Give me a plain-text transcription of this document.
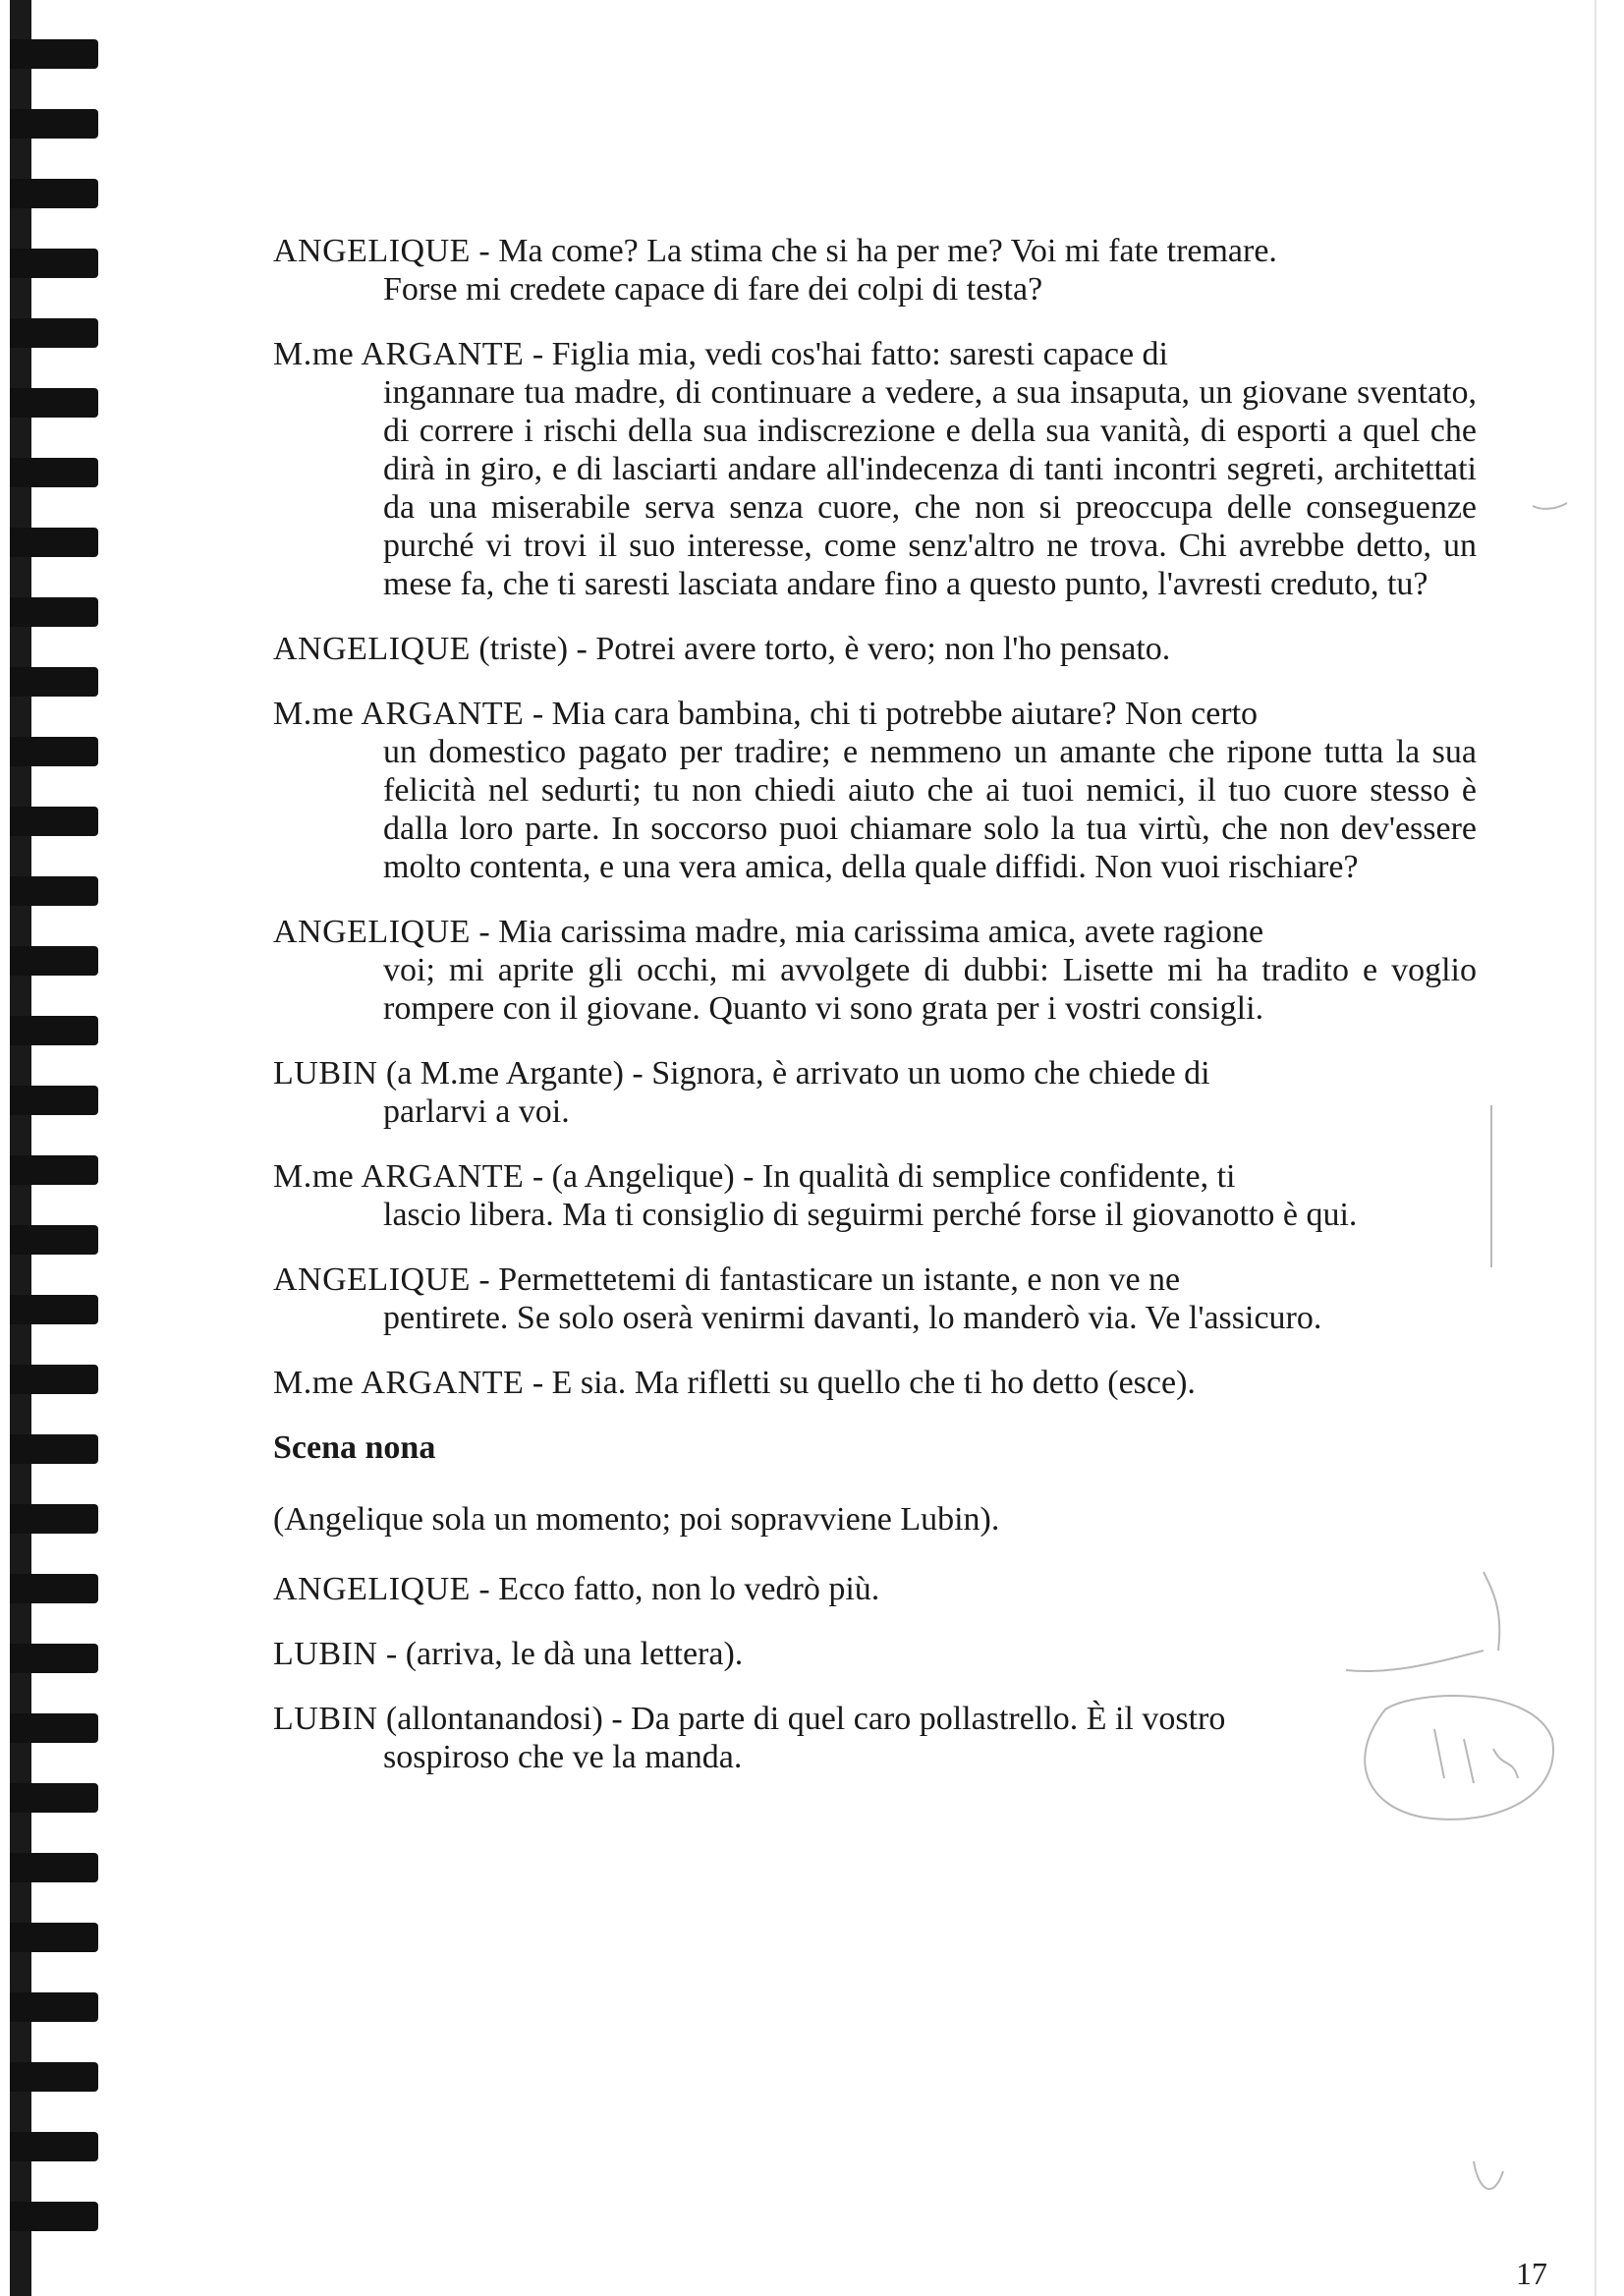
ANGELIQUE - Ma come? La stima che si ha per me? Voi mi fate tremare.
Forse mi credete capace di fare dei colpi di testa?
M.me ARGANTE - Figlia mia, vedi cos'hai fatto: saresti capace di
ingannare tua madre, di continuare a vedere, a sua insaputa, un giovane sventato, di correre i rischi della sua indiscrezione e della sua vanità, di esporti a quel che dirà in giro, e di lasciarti andare all'indecenza di tanti incontri segreti, architettati da una miserabile serva senza cuore, che non si preoccupa delle conseguenze purché vi trovi il suo interesse, come senz'altro ne trova. Chi avrebbe detto, un mese fa, che ti saresti lasciata andare fino a questo punto, l'avresti creduto, tu?
ANGELIQUE (triste) - Potrei avere torto, è vero; non l'ho pensato.
M.me ARGANTE - Mia cara bambina, chi ti potrebbe aiutare? Non certo
un domestico pagato per tradire; e nemmeno un amante che ripone tutta la sua felicità nel sedurti; tu non chiedi aiuto che ai tuoi nemici, il tuo cuore stesso è dalla loro parte. In soccorso puoi chiamare solo la tua virtù, che non dev'essere molto contenta, e una vera amica, della quale diffidi. Non vuoi rischiare?
ANGELIQUE - Mia carissima madre, mia carissima amica, avete ragione
voi; mi aprite gli occhi, mi avvolgete di dubbi: Lisette mi ha tradito e voglio rompere con il giovane. Quanto vi sono grata per i vostri consigli.
LUBIN (a M.me Argante) - Signora, è arrivato un uomo che chiede di
parlarvi a voi.
M.me ARGANTE - (a Angelique) - In qualità di semplice confidente, ti
lascio libera. Ma ti consiglio di seguirmi perché forse il giovanotto è qui.
ANGELIQUE - Permettetemi di fantasticare un istante, e non ve ne
pentirete. Se solo oserà venirmi davanti, lo manderò via. Ve l'assicuro.
M.me ARGANTE - E sia. Ma rifletti su quello che ti ho detto (esce).
Scena nona
(Angelique sola un momento; poi sopravviene Lubin).
ANGELIQUE - Ecco fatto, non lo vedrò più.
LUBIN - (arriva, le dà una lettera).
LUBIN (allontanandosi) - Da parte di quel caro pollastrello. È il vostro
sospiroso che ve la manda.
17
